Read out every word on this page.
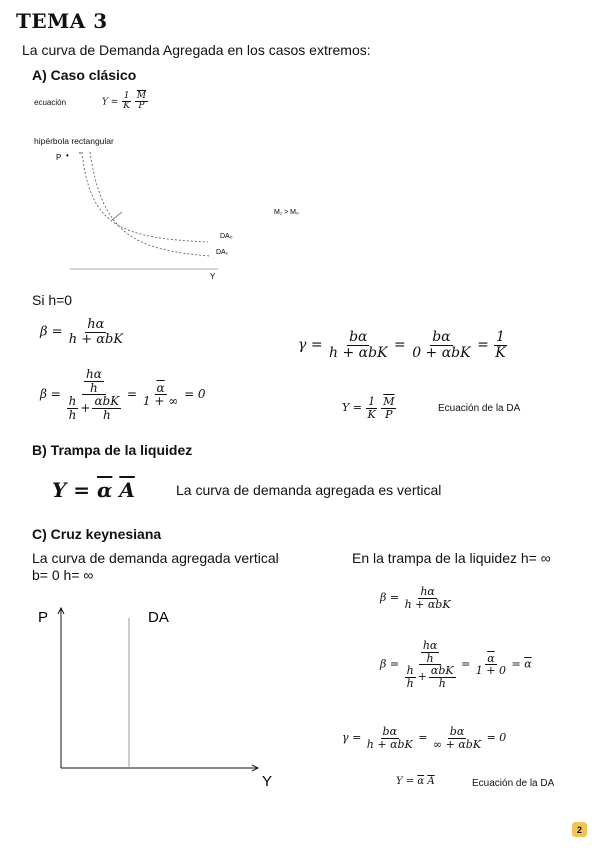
TEMA 3
La curva de Demanda Agregada en los casos extremos:
A) Caso clásico
ecuación	$Y = \frac{1}{K}$
$\frac{\overline{M}}{P}$
hipérbola rectangular
P •
DA₀
DA₁
Y
M₁ > M₀
Si h=0
$\beta = \frac{h\alpha}{\text{h + αbK}}$	$\gamma = \frac{b\alpha}{\text{h + αbK}} = \frac{b\alpha}{\text{0 + αbK}} = \frac{1}{K}$
β = hα
h
$\frac{h}{h} + \frac{\text{αbK}}{h} = \frac{\overline{\alpha}}{1 + \infty} = 0$
$Y = \frac{1}{K}$
$\frac{\overline{M}}{P}$	Ecuación de la DA
B) Trampa de la liquidez
$Y = \overline{\alpha}$ $\overline{A}$	La curva de demanda agregada es vertical
C) Cruz keynesiana
La curva de demanda agregada vertical
b= 0 h= ∞
En la trampa de la liquidez h= ∞
P	DA
Y
$\beta = \frac{h\alpha}{\text{h + αbK}}$
β = hα
h
$\frac{h}{h} + \frac{\text{αbK}}{h} = \frac{\overline{\alpha}}{1 + 0} = \overline{\alpha}$
$\gamma = \frac{b\alpha}{\text{h + αbK}} = \frac{b\alpha}{\text{∞ + αbK}} = 0$
$Y = \overline{\alpha}$ $\overline{A}$	Ecuación de la DA
2
